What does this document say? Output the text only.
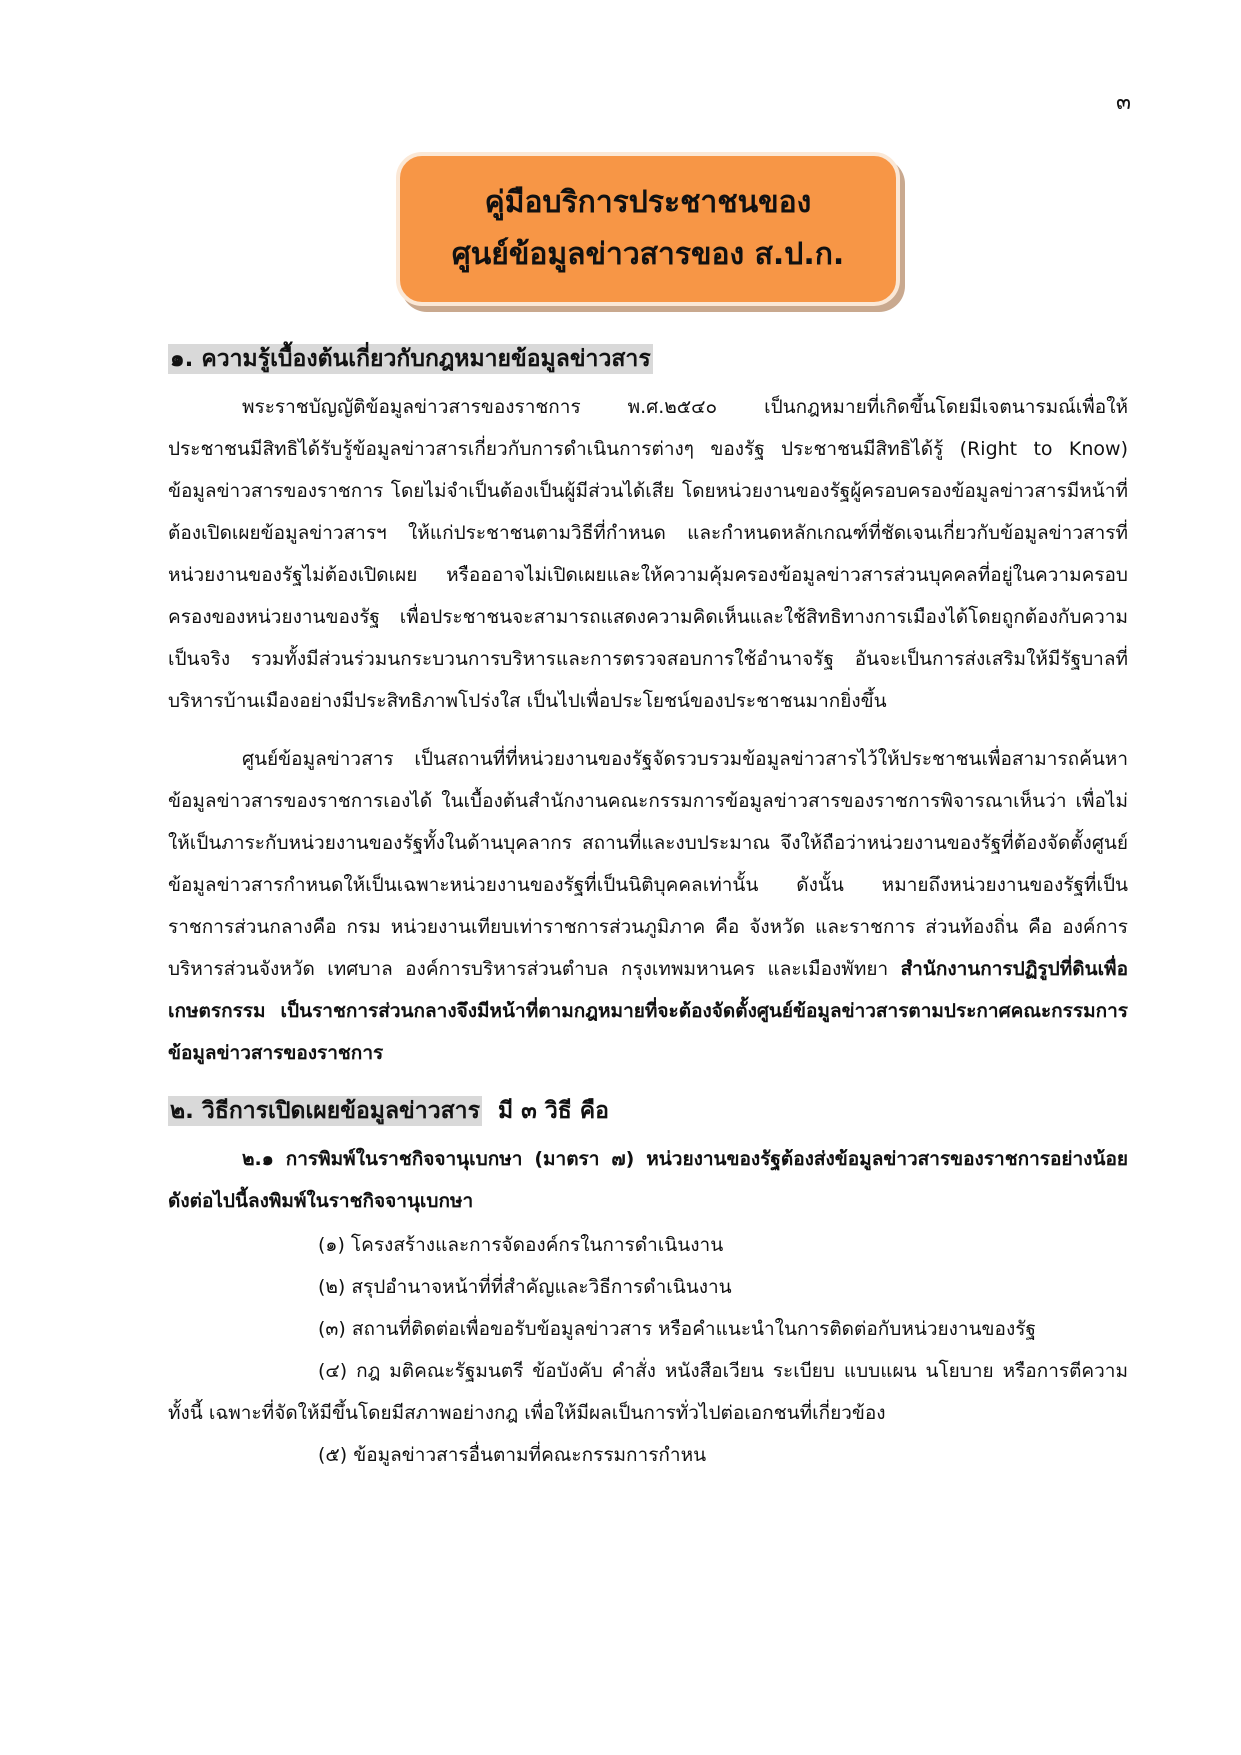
๓
คู่มือบริการประชาชนของ
ศูนย์ข้อมูลข่าวสารของ ส.ป.ก.
๑. ความรู้เบื้องต้นเกี่ยวกับกฎหมายข้อมูลข่าวสาร

พระราชบัญญัติข้อมูลข่าวสารของราชการ พ.ศ.๒๕๔๐ เป็นกฎหมายที่เกิดขึ้นโดยมีเจตนารมณ์เพื่อให้ประชาชนมีสิทธิได้รับรู้ข้อมูลข่าวสารเกี่ยวกับการดำเนินการต่างๆ ของรัฐ ประชาชนมีสิทธิได้รู้ (Right to Know) ข้อมูลข่าวสารของราชการ โดยไม่จำเป็นต้องเป็นผู้มีส่วนได้เสีย โดยหน่วยงานของรัฐผู้ครอบครองข้อมูลข่าวสารมีหน้าที่ต้องเปิดเผยข้อมูลข่าวสารฯ ให้แก่ประชาชนตามวิธีที่กำหนด และกำหนดหลักเกณฑ์ที่ชัดเจนเกี่ยวกับข้อมูลข่าวสารที่หน่วยงานของรัฐไม่ต้องเปิดเผย หรือออาจไม่เปิดเผยและให้ความคุ้มครองข้อมูลข่าวสารส่วนบุคคลที่อยู่ในความครอบครองของหน่วยงานของรัฐ เพื่อประชาชนจะสามารถแสดงความคิดเห็นและใช้สิทธิทางการเมืองได้โดยถูกต้องกับความเป็นจริง รวมทั้งมีส่วนร่วมนกระบวนการบริหารและการตรวจสอบการใช้อำนาจรัฐ อันจะเป็นการส่งเสริมให้มีรัฐบาลที่บริหารบ้านเมืองอย่างมีประสิทธิภาพโปร่งใส เป็นไปเพื่อประโยชน์ของประชาชนมากยิ่งขึ้น

ศูนย์ข้อมูลข่าวสาร เป็นสถานที่ที่หน่วยงานของรัฐจัดรวบรวมข้อมูลข่าวสารไว้ให้ประชาชนเพื่อสามารถค้นหาข้อมูลข่าวสารของราชการเองได้ ในเบื้องต้นสำนักงานคณะกรรมการข้อมูลข่าวสารของราชการพิจารณาเห็นว่า เพื่อไม่ให้เป็นภาระกับหน่วยงานของรัฐทั้งในด้านบุคลากร สถานที่และงบประมาณ จึงให้ถือว่าหน่วยงานของรัฐที่ต้องจัดตั้งศูนย์ข้อมูลข่าวสารกำหนดให้เป็นเฉพาะหน่วยงานของรัฐที่เป็นนิติบุคคลเท่านั้น ดังนั้น หมายถึงหน่วยงานของรัฐที่เป็นราชการส่วนกลางคือ กรม หน่วยงานเทียบเท่าราชการส่วนภูมิภาค คือ จังหวัด และราชการ ส่วนท้องถิ่น คือ องค์การบริหารส่วนจังหวัด เทศบาล องค์การบริหารส่วนตำบล กรุงเทพมหานคร และเมืองพัทยา สำนักงานการปฏิรูปที่ดินเพื่อเกษตรกรรม เป็นราชการส่วนกลางจึงมีหน้าที่ตามกฎหมายที่จะต้องจัดตั้งศูนย์ข้อมูลข่าวสารตามประกาศคณะกรรมการข้อมูลข่าวสารของราชการ

๒. วิธีการเปิดเผยข้อมูลข่าวสาร มี ๓ วิธี คือ

๒.๑ การพิมพ์ในราชกิจจานุเบกษา (มาตรา ๗) หน่วยงานของรัฐต้องส่งข้อมูลข่าวสารของราชการอย่างน้อยดังต่อไปนี้ลงพิมพ์ในราชกิจจานุเบกษา

(๑) โครงสร้างและการจัดองค์กรในการดำเนินงาน
(๒) สรุปอำนาจหน้าที่ที่สำคัญและวิธีการดำเนินงาน
(๓) สถานที่ติดต่อเพื่อขอรับข้อมูลข่าวสาร หรือคำแนะนำในการติดต่อกับหน่วยงานของรัฐ
(๔) กฎ มติคณะรัฐมนตรี ข้อบังคับ คำสั่ง หนังสือเวียน ระเบียบ แบบแผน นโยบาย หรือการตีความ ทั้งนี้ เฉพาะที่จัดให้มีขึ้นโดยมีสภาพอย่างกฎ เพื่อให้มีผลเป็นการทั่วไปต่อเอกชนที่เกี่ยวข้อง
(๕) ข้อมูลข่าวสารอื่นตามที่คณะกรรมการกำหน
